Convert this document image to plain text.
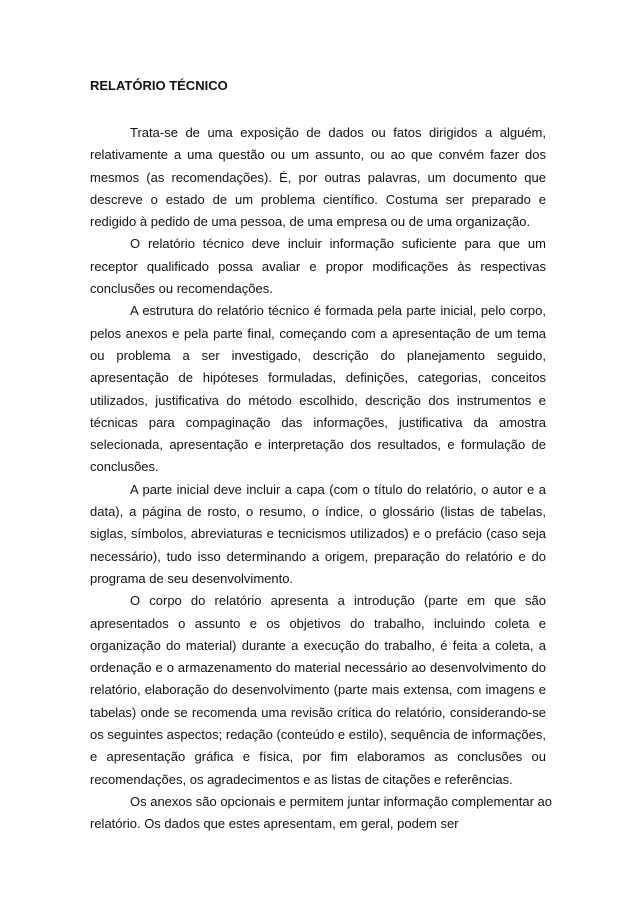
RELATÓRIO TÉCNICO
Trata-se de uma exposição de dados ou fatos dirigidos a alguém,
relativamente a uma questão ou um assunto, ou ao que convém fazer dos
mesmos (as recomendações). É, por outras palavras, um documento que
descreve o estado de um problema científico. Costuma ser preparado e
redigido à pedido de uma pessoa, de uma empresa ou de uma organização.
O relatório técnico deve incluir informação suficiente para que um
receptor qualificado possa avaliar e propor modificações às respectivas
conclusões ou recomendações.
A estrutura do relatório técnico é formada pela parte inicial, pelo corpo,
pelos anexos e pela parte final, começando com a apresentação de um tema
ou problema a ser investigado, descrição do planejamento seguido,
apresentação de hipóteses formuladas, definições, categorias, conceitos
utilizados, justificativa do método escolhido, descrição dos instrumentos e
técnicas para compaginação das informações, justificativa da amostra
selecionada, apresentação e interpretação dos resultados, e formulação de
conclusões.
A parte inicial deve incluir a capa (com o título do relatório, o autor e a
data), a página de rosto, o resumo, o índice, o glossário (listas de tabelas,
siglas, símbolos, abreviaturas e tecnicismos utilizados) e o prefácio (caso seja
necessário), tudo isso determinando a origem, preparação do relatório e do
programa de seu desenvolvimento.
O corpo do relatório apresenta a introdução (parte em que são
apresentados o assunto e os objetivos do trabalho, incluindo coleta e
organização do material) durante a execução do trabalho, é feita a coleta, a
ordenação e o armazenamento do material necessário ao desenvolvimento do
relatório, elaboração do desenvolvimento (parte mais extensa, com imagens e
tabelas) onde se recomenda uma revisão crítica do relatório, considerando-se
os seguintes aspectos; redação (conteúdo e estilo), sequência de informações,
e apresentação gráfica e física, por fim elaboramos as conclusões ou
recomendações, os agradecimentos e as listas de citações e referências.
Os anexos são opcionais e permitem juntar informação complementar ao
relatório. Os dados que estes apresentam, em geral, podem ser
